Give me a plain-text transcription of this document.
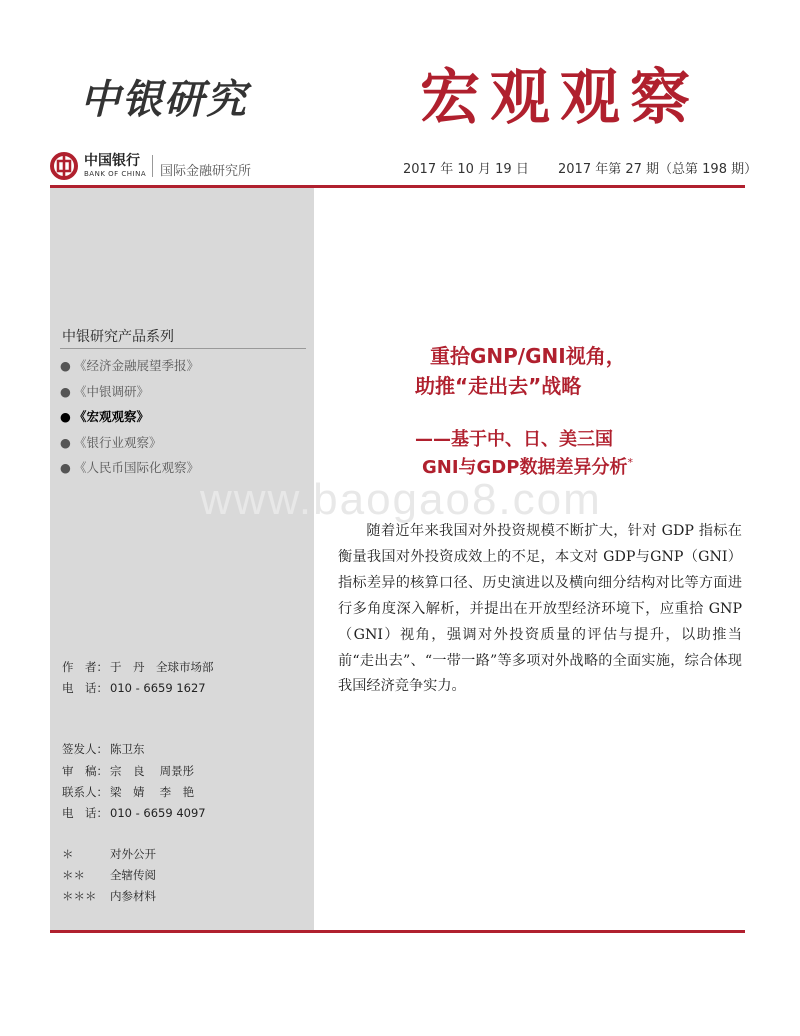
中银研究	宏观观察
中国银行
BANK OF CHINA 国际金融研究所	2017 年 10 月 19 日 2017 年第 27 期（总第 198 期）
中银研究产品系列
● 《经济金融展望季报》
● 《中银调研》
● 《宏观观察》
● 《银行业观察》
● 《人民币国际化观察》
作　者： 于　丹　全球市场部
电　话： 010 - 6659 1627
签发人： 陈卫东
审　稿： 宗　良　 周景彤
联系人： 梁　婧　 李　艳
电　话： 010 - 6659 4097
＊	对外公开
＊＊ 全辖传阅
＊＊＊ 内参材料
www.baogao8.com
重拾GNP/GNI视角，
助推“走出去”战略
——基于中、日、美三国
GNI与GDP数据差异分析*
随着近年来我国对外投资规模不断扩大，针对 GDP 指标在衡量我国对外投资成效上的不足，本文对 GDP与GNP（GNI）指标差异的核算口径、历史演进以及横向细分结构对比等方面进行多角度深入解析，并提出在开放型经济环境下，应重拾 GNP（GNI）视角，强调对外投资质量的评估与提升，以助推当前“走出去”、“一带一路”等多项对外战略的全面实施，综合体现我国经济竞争实力。
